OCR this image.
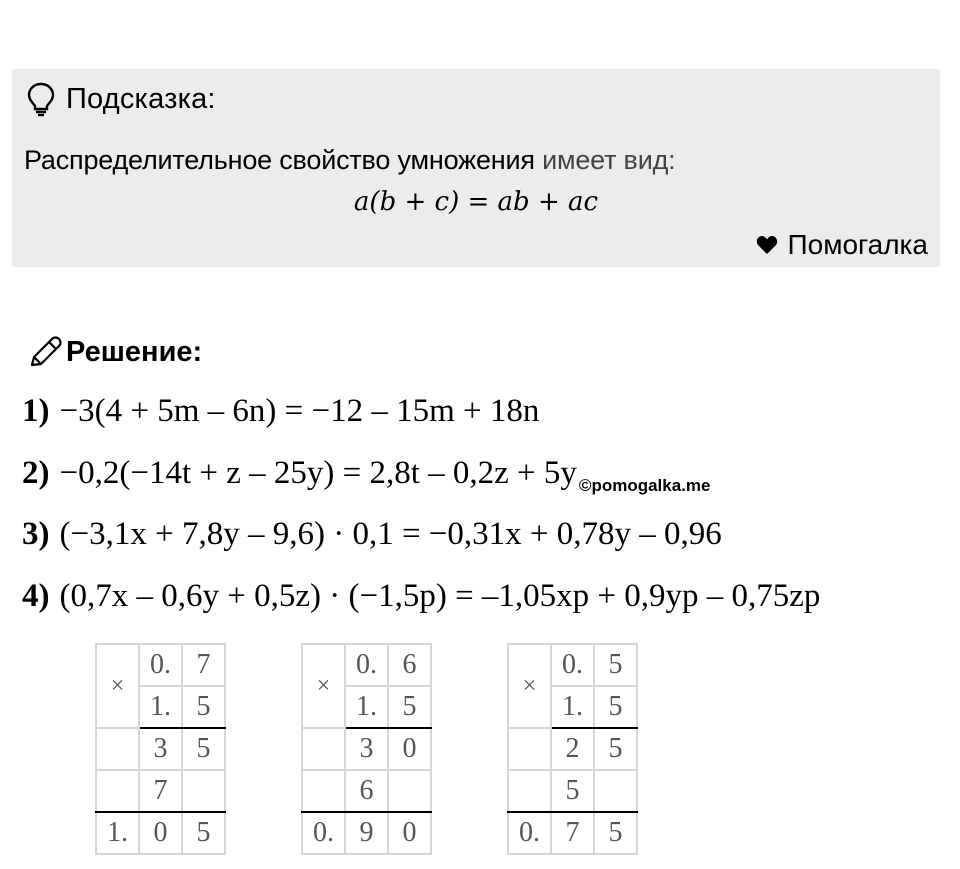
Подсказка:
Распределительное свойство умножения имеет вид:
a(b + c) = ab + ac
Помогалка
Решение:
1) −3(4 + 5m – 6n) = −12 – 15m + 18n
2) −0,2(−14t + z – 25y) = 2,8t – 0,2z + 5y $_{©pomogalka.me}$
3) (−3,1x + 7,8y – 9,6) · 0,1 = −0,31x + 0,78y – 0,96
4) (0,7x – 0,6y + 0,5z) · (−1,5p) = –1,05xp + 0,9yp – 0,75zp
×	0.	7
	1.	5
	3	5
	7	
1.	0	5
×	0.	6
	1.	5
	3	0
	6	
0.	9	0
×	0.	5
	1.	5
	2	5
	5	
0.	7	5
